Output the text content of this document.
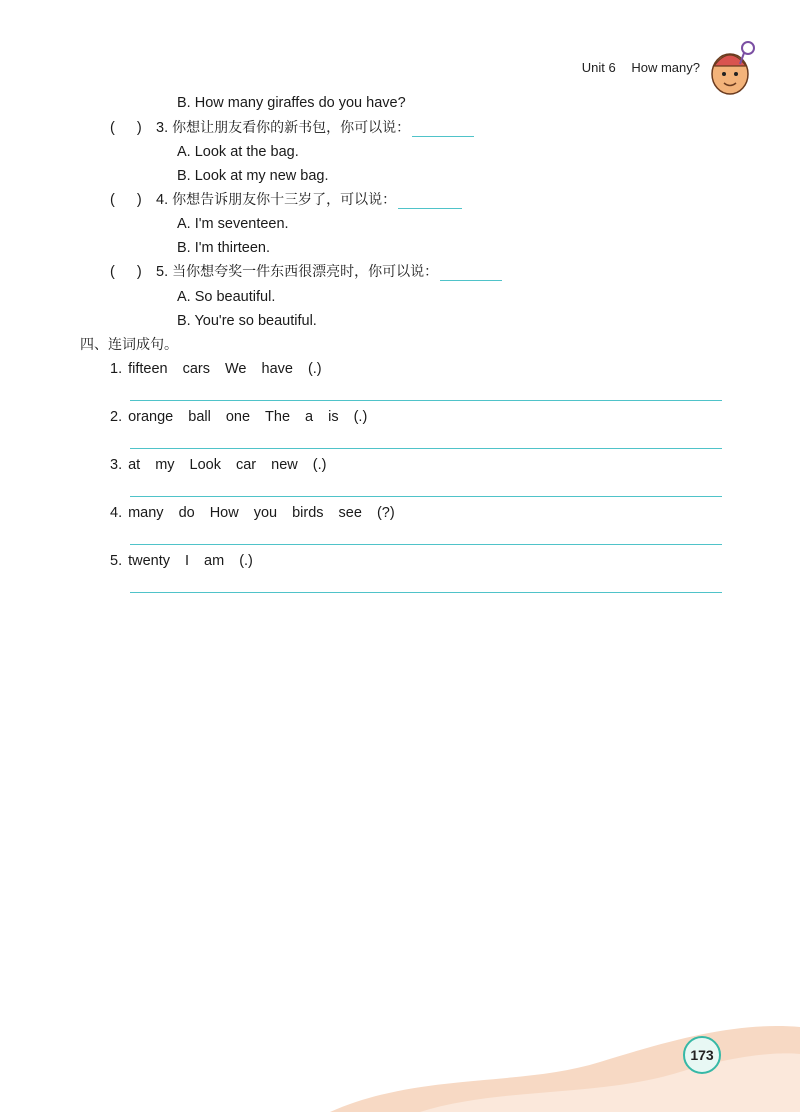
Unit 6 How many?
B. How many giraffes do you have?
( ) 3. 你想让朋友看你的新书包，你可以说：
A. Look at the bag.
B. Look at my new bag.
( ) 4. 你想告诉朋友你十三岁了，可以说：
A. I'm seventeen.
B. I'm thirteen.
( ) 5. 当你想夸奖一件东西很漂亮时，你可以说：
A. So beautiful.
B. You're so beautiful.
四、连词成句。
1. fifteen cars We have (.)
2. orange ball one The a is (.)
3. at my Look car new (.)
4. many do How you birds see (?)
5. twenty I am (.)
173
